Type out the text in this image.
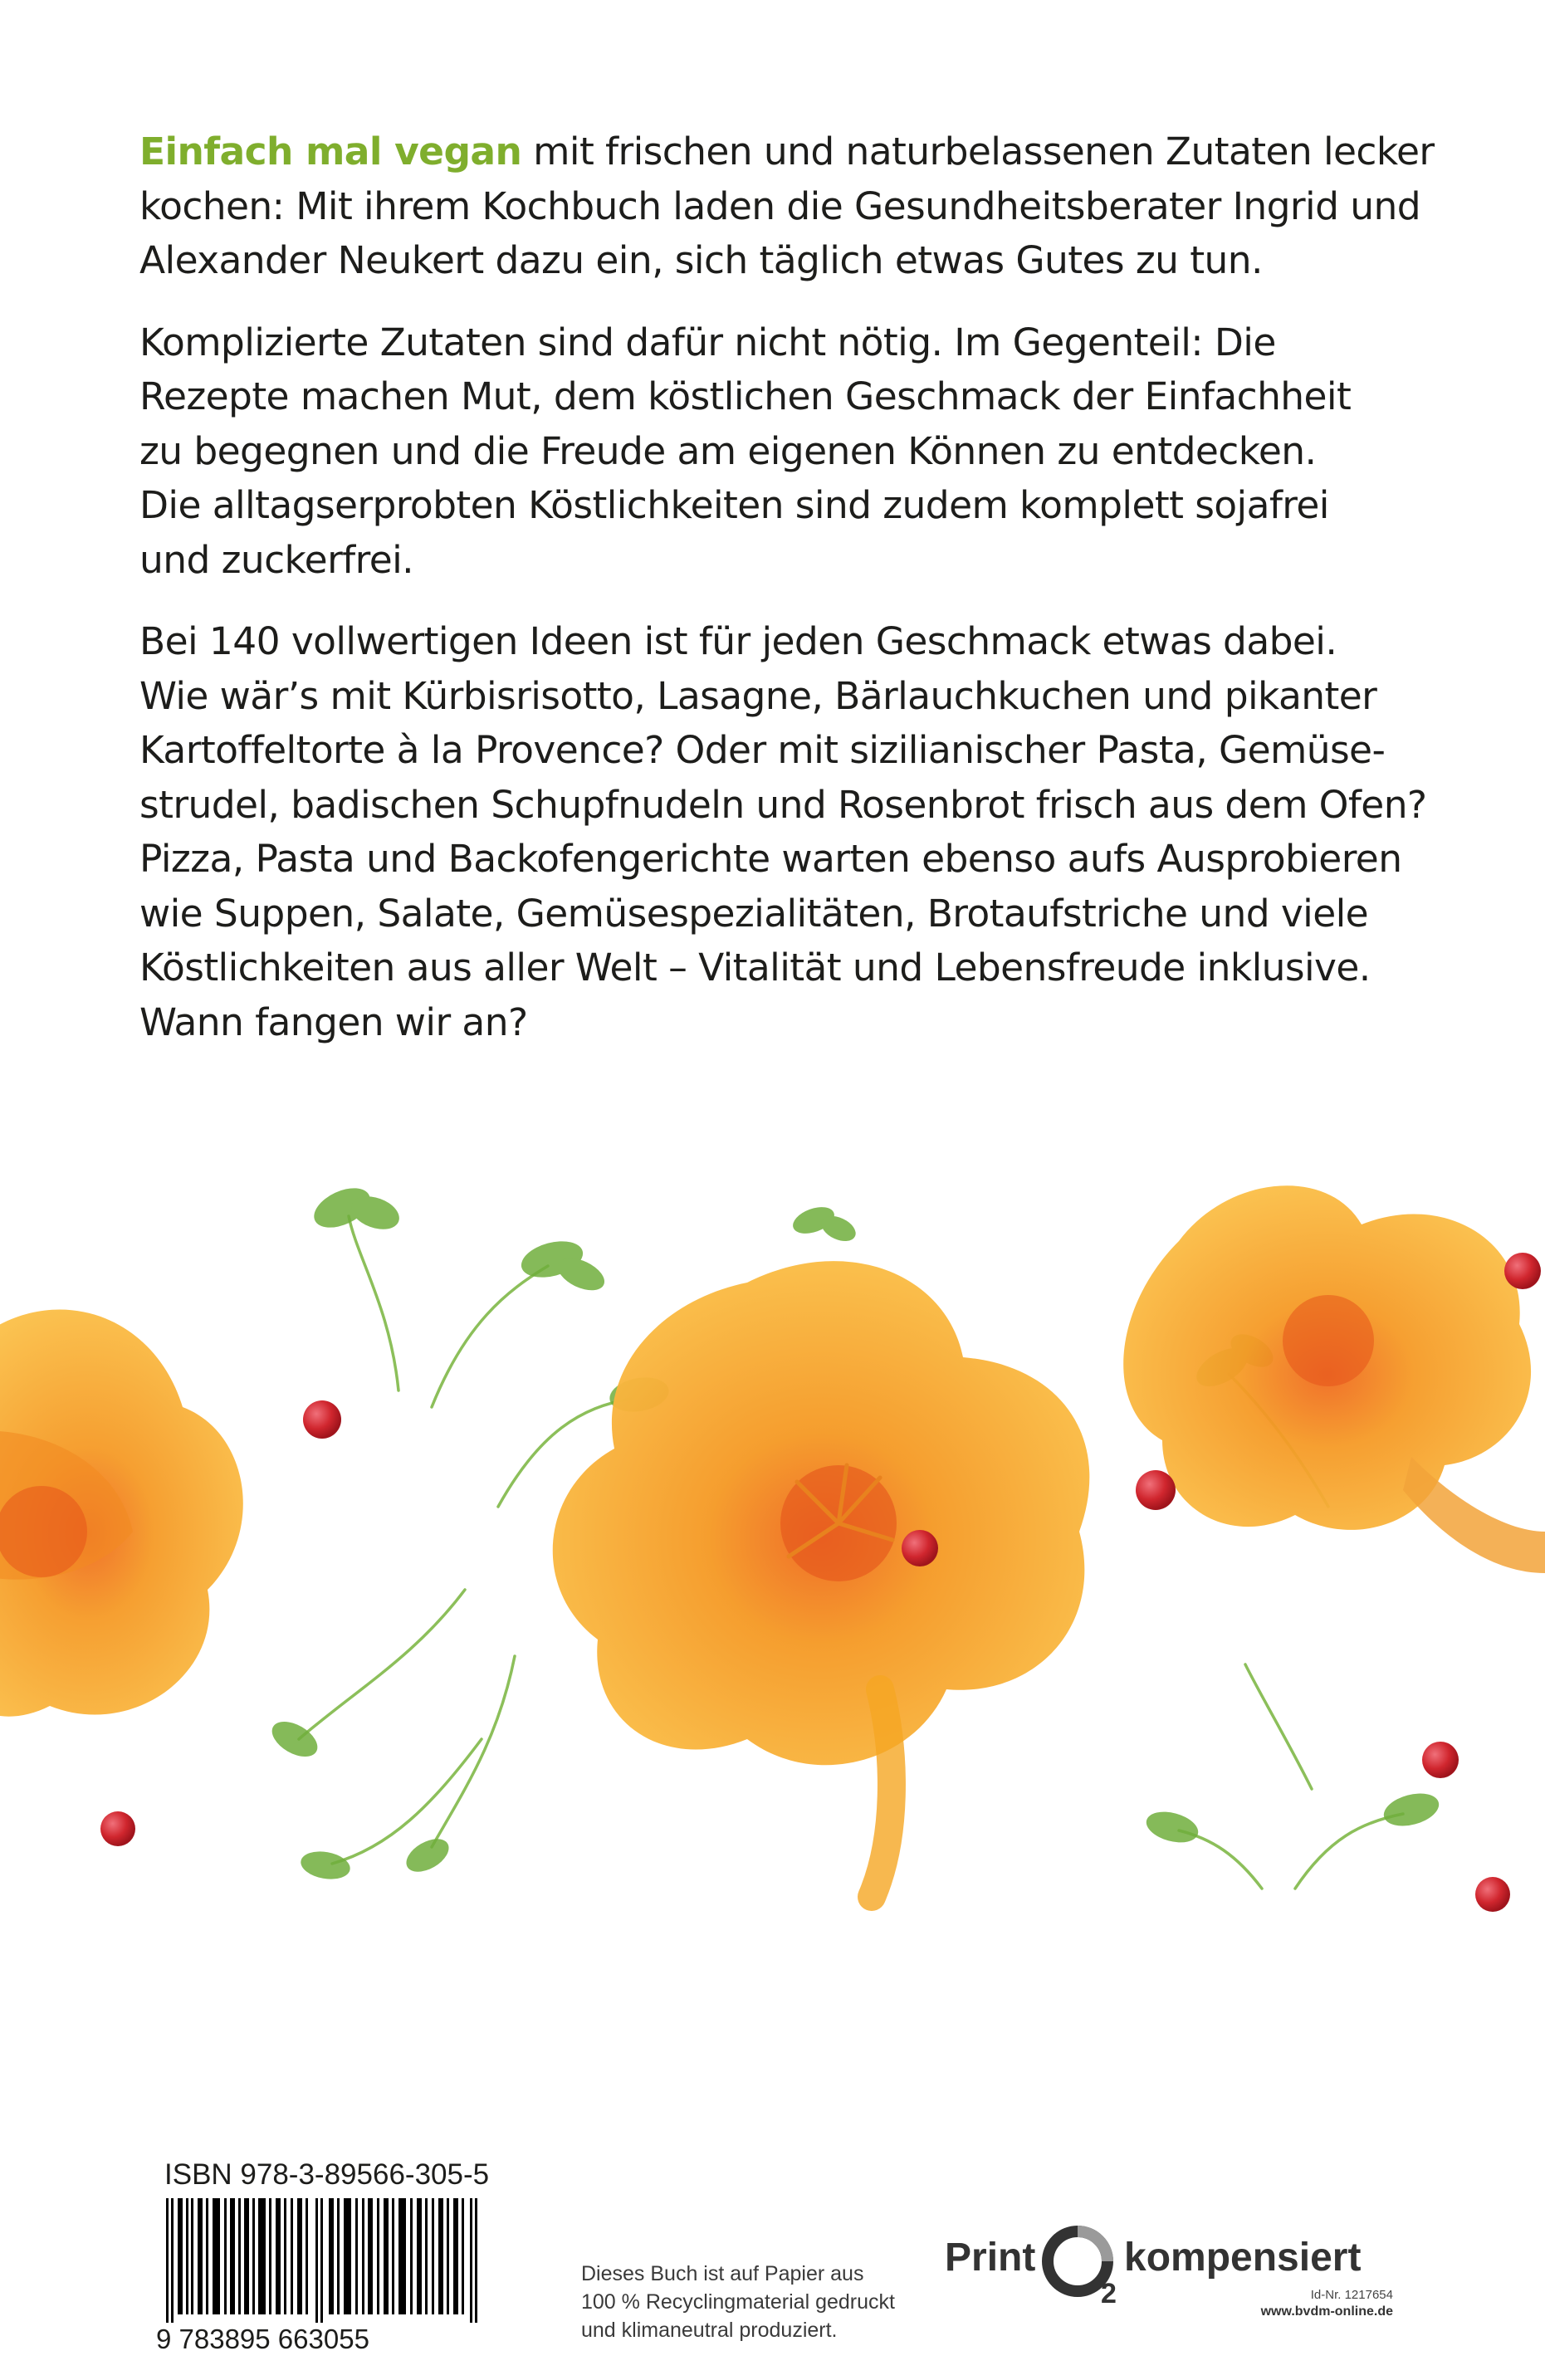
Einfach mal vegan mit frischen und naturbelassenen Zutaten lecker
kochen: Mit ihrem Kochbuch laden die Gesundheitsberater Ingrid und
Alexander Neukert dazu ein, sich täglich etwas Gutes zu tun.

Komplizierte Zutaten sind dafür nicht nötig. Im Gegenteil: Die
Rezepte machen Mut, dem köstlichen Geschmack der Einfachheit
zu begegnen und die Freude am eigenen Können zu entdecken.
Die alltagserprobten Köstlichkeiten sind zudem komplett sojafrei
und zuckerfrei.

Bei 140 vollwertigen Ideen ist für jeden Geschmack etwas dabei.
Wie wär’s mit Kürbisrisotto, Lasagne, Bärlauchkuchen und pikanter
Kartoffeltorte à la Provence? Oder mit sizilianischer Pasta, Gemüse-
strudel, badischen Schupfnudeln und Rosenbrot frisch aus dem Ofen?
Pizza, Pasta und Backofengerichte warten ebenso aufs Ausprobieren
wie Suppen, Salate, Gemüsespezialitäten, Brotaufstriche und viele
Köstlichkeiten aus aller Welt – Vitalität und Lebensfreude inklusive.
Wann fangen wir an?

ISBN 978-3-89566-305-5
9 783895 663055
Dieses Buch ist auf Papier aus
100 % Recyclingmaterial gedruckt
und klimaneutral produziert.
Print
2
kompensiert
Id-Nr. 1217654
www.bvdm-online.de
